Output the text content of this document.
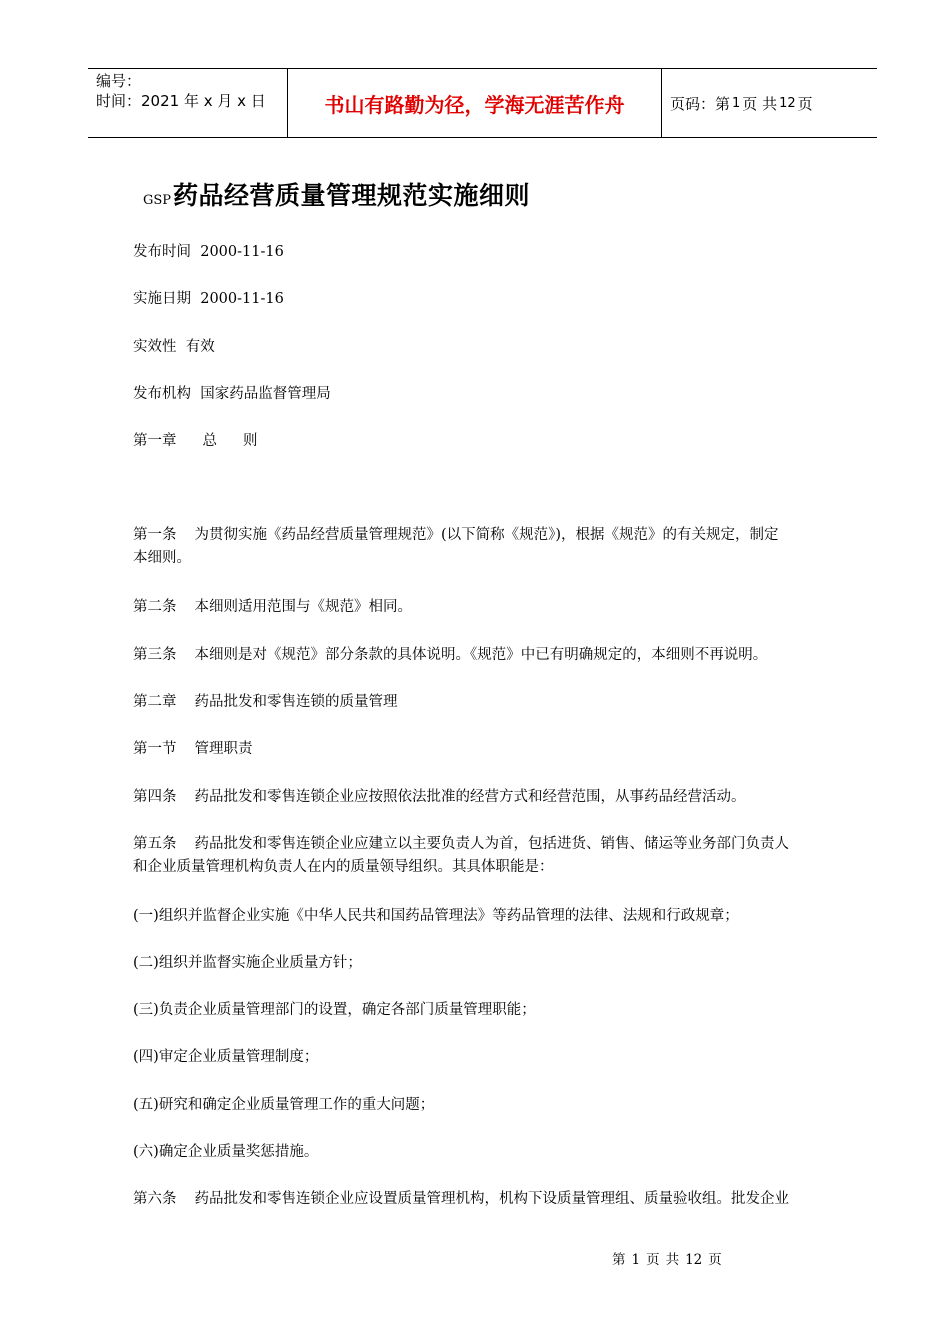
编号：
时间：2021 年 x 月 x 日	书山有路勤为径，学海无涯苦作舟	页码：第 1 页 共 12 页
GSP药品经营质量管理规范实施细则
发布时间 2000-11-16
实施日期 2000-11-16
实效性 有效
发布机构 国家药品监督管理局
第一章 总 则
第一条 为贯彻实施《药品经营质量管理规范》(以下简称《规范》)，根据《规范》的有关规定，制定
本细则。
第二条 本细则适用范围与《规范》相同。
第三条 本细则是对《规范》部分条款的具体说明。《规范》中已有明确规定的，本细则不再说明。
第二章 药品批发和零售连锁的质量管理
第一节 管理职责
第四条 药品批发和零售连锁企业应按照依法批准的经营方式和经营范围，从事药品经营活动。
第五条 药品批发和零售连锁企业应建立以主要负责人为首，包括进货、销售、储运等业务部门负责人
和企业质量管理机构负责人在内的质量领导组织。其具体职能是：
(一)组织并监督企业实施《中华人民共和国药品管理法》等药品管理的法律、法规和行政规章；
(二)组织并监督实施企业质量方针；
(三)负责企业质量管理部门的设置，确定各部门质量管理职能；
(四)审定企业质量管理制度；
(五)研究和确定企业质量管理工作的重大问题；
(六)确定企业质量奖惩措施。
第六条 药品批发和零售连锁企业应设置质量管理机构，机构下设质量管理组、质量验收组。批发企业
第 1 页 共 12 页
